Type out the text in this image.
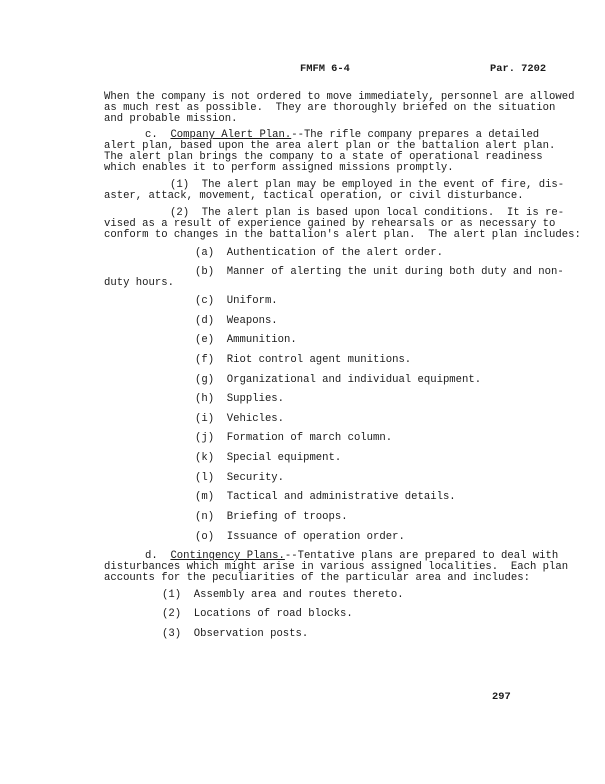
FMFM 6-4	Par. 7202
When the company is not ordered to move immediately, personnel are allowed
as much rest as possible.  They are thoroughly briefed on the situation
and probable mission.
c. Company Alert Plan.--The rifle company prepares a detailed
alert plan, based upon the area alert plan or the battalion alert plan.
The alert plan brings the company to a state of operational readiness
which enables it to perform assigned missions promptly.
(1)  The alert plan may be employed in the event of fire, dis-
aster, attack, movement, tactical operation, or civil disturbance.
(2)  The alert plan is based upon local conditions.  It is re-
vised as a result of experience gained by rehearsals or as necessary to
conform to changes in the battalion's alert plan.  The alert plan includes:
(a) Authentication of the alert order.
(b) Manner of alerting the unit during both duty and non-
duty hours.
(c) Uniform.
(d) Weapons.
(e) Ammunition.
(f) Riot control agent munitions.
(g) Organizational and individual equipment.
(h) Supplies.
(i) Vehicles.
(j) Formation of march column.
(k) Special equipment.
(l) Security.
(m) Tactical and administrative details.
(n) Briefing of troops.
(o) Issuance of operation order.
d. Contingency Plans.--Tentative plans are prepared to deal with
disturbances which might arise in various assigned localities.  Each plan
accounts for the peculiarities of the particular area and includes:
(1) Assembly area and routes thereto.
(2) Locations of road blocks.
(3) Observation posts.
297
